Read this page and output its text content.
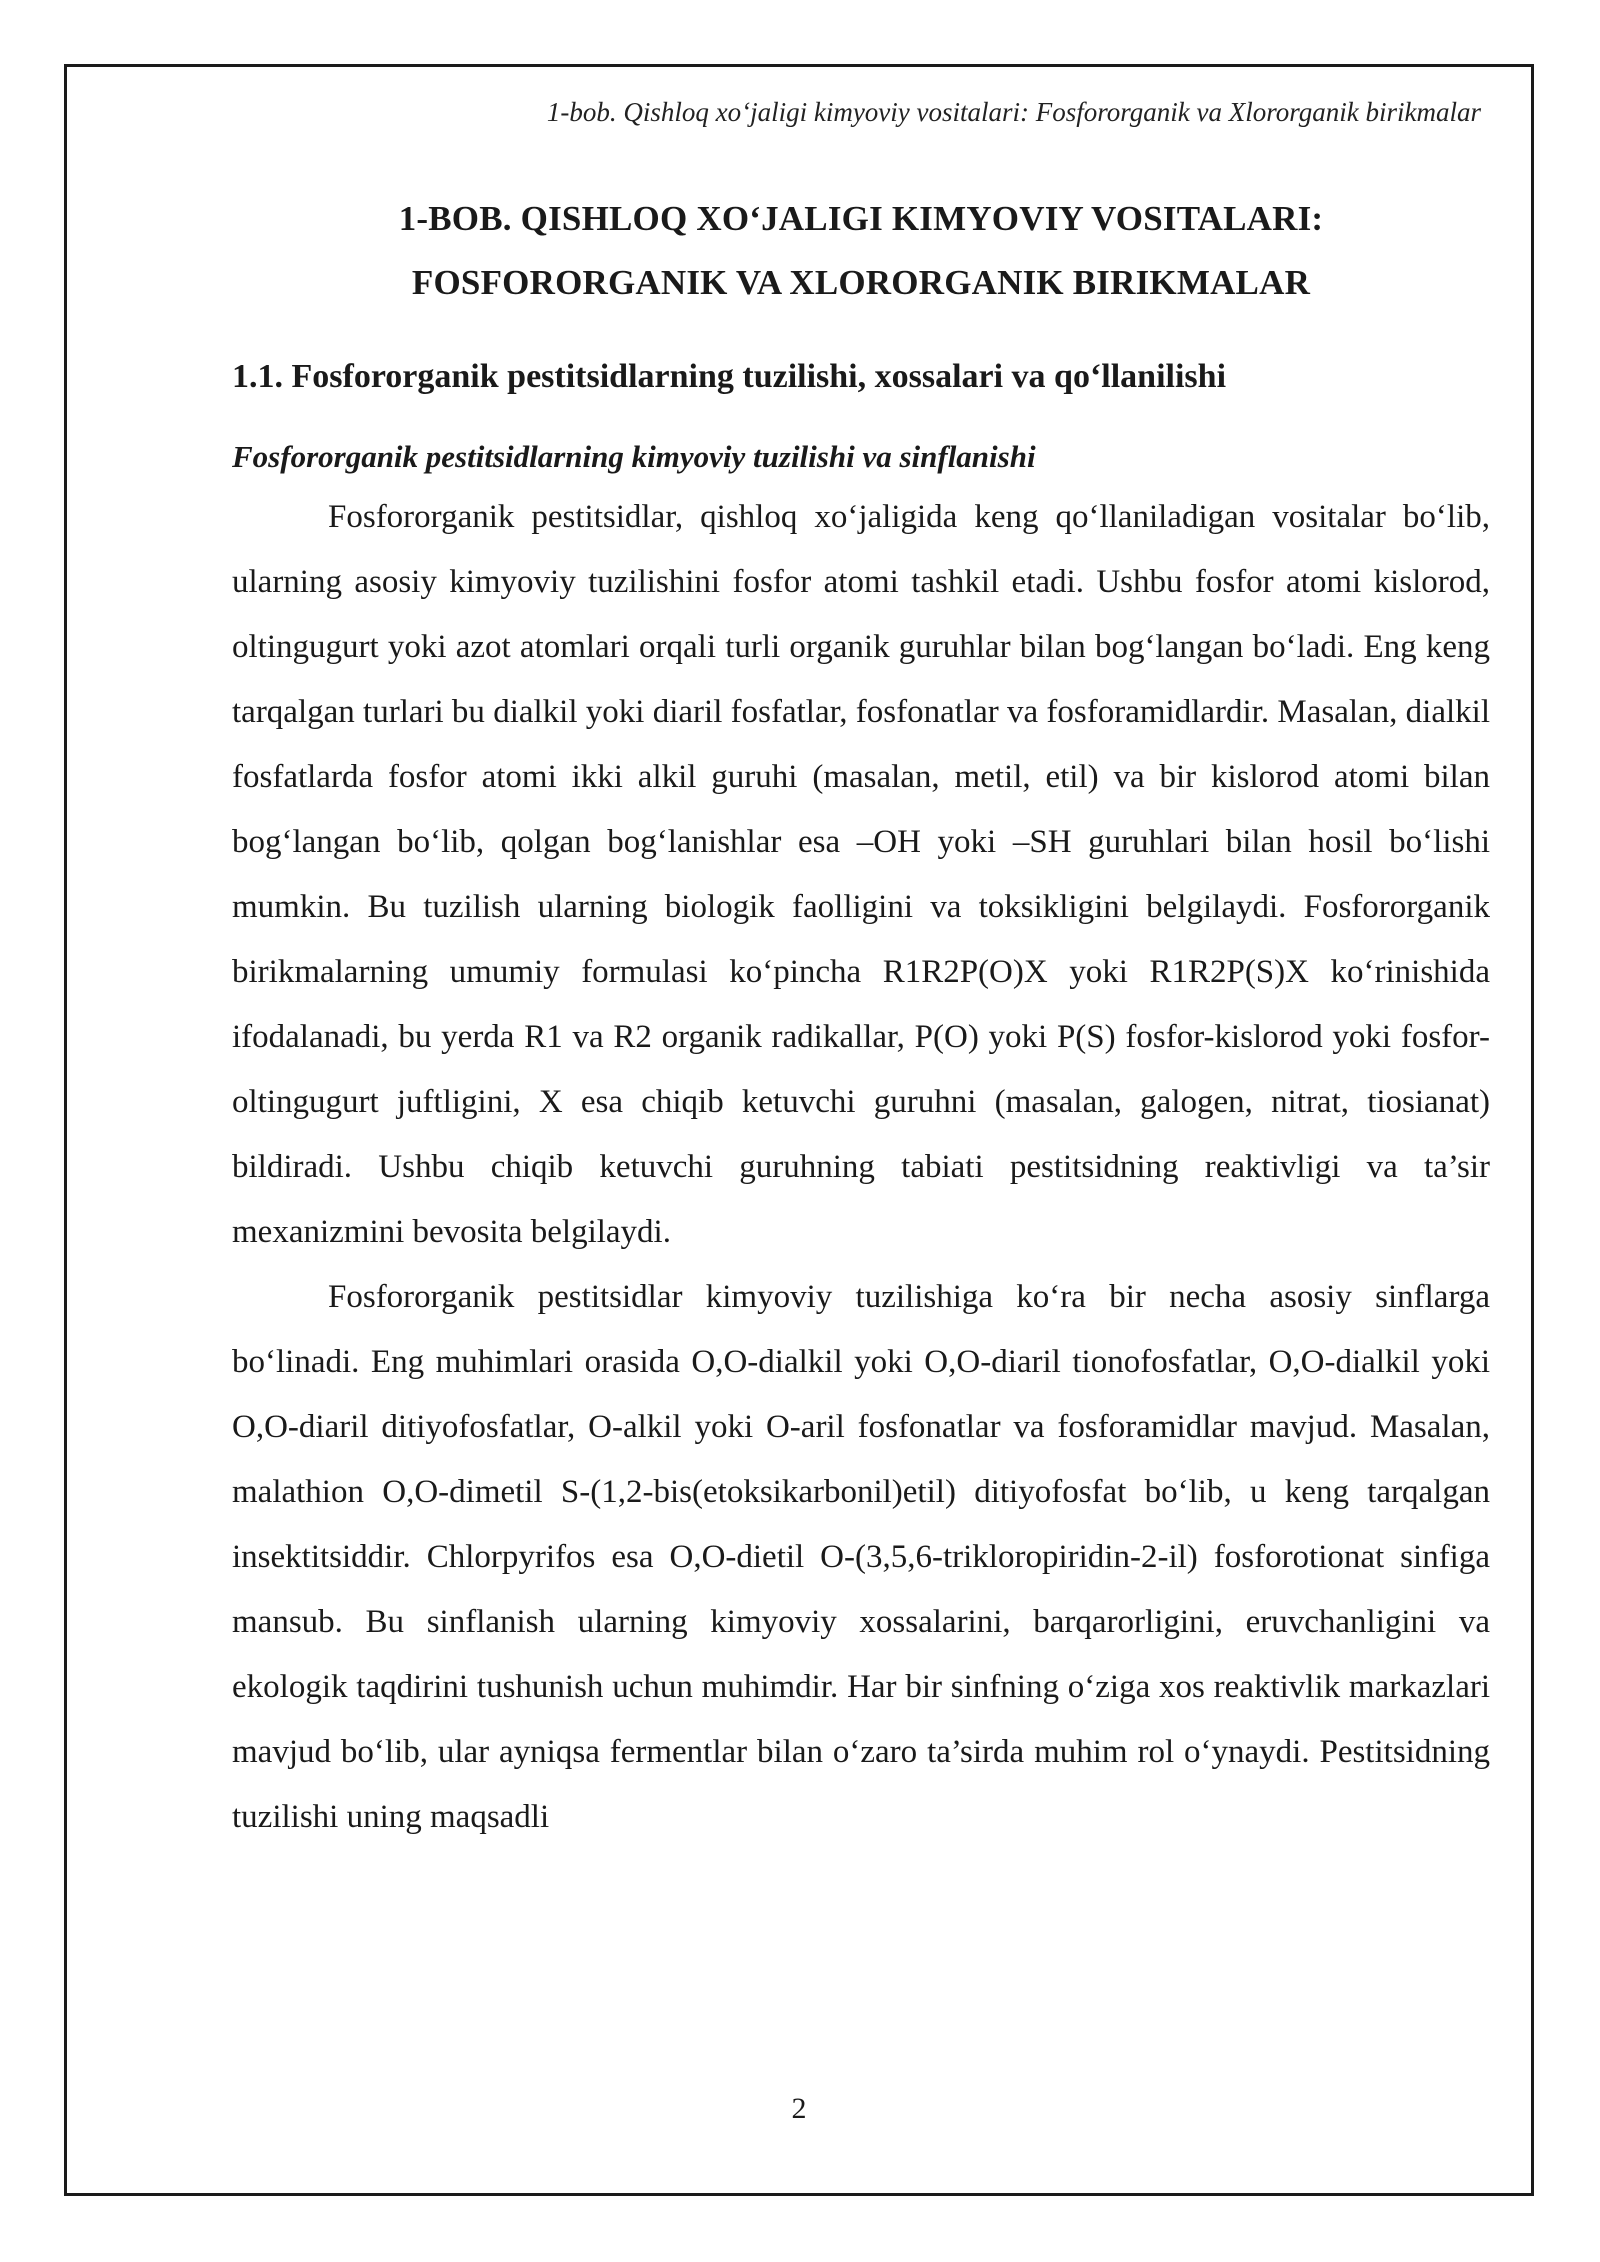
1-bob. Qishloq xo‘jaligi kimyoviy vositalari: Fosfororganik va Xlororganik birikmalar
1-BOB. QISHLOQ XO‘JALIGI KIMYOVIY VOSITALARI:
FOSFORORGANIK VA XLORORGANIK BIRIKMALAR
1.1. Fosfororganik pestitsidlarning tuzilishi, xossalari va qo‘llanilishi
Fosfororganik pestitsidlarning kimyoviy tuzilishi va sinflanishi

Fosfororganik pestitsidlar, qishloq xo‘jaligida keng qo‘llaniladigan vositalar bo‘lib, ularning asosiy kimyoviy tuzilishini fosfor atomi tashkil etadi. Ushbu fosfor atomi kislorod, oltingugurt yoki azot atomlari orqali turli organik guruhlar bilan bog‘langan bo‘ladi. Eng keng tarqalgan turlari bu dialkil yoki diaril fosfatlar, fosfonatlar va fosforamidlardir. Masalan, dialkil fosfatlarda fosfor atomi ikki alkil guruhi (masalan, metil, etil) va bir kislorod atomi bilan bog‘langan bo‘lib, qolgan bog‘lanishlar esa –OH yoki –SH guruhlari bilan hosil bo‘lishi mumkin. Bu tuzilish ularning biologik faolligini va toksikligini belgilaydi. Fosfororganik birikmalarning umumiy formulasi ko‘pincha R1R2P(O)X yoki R1R2P(S)X ko‘rinishida ifodalanadi, bu yerda R1 va R2 organik radikallar, P(O) yoki P(S) fosfor-kislorod yoki fosfor-oltingugurt juftligini, X esa chiqib ketuvchi guruhni (masalan, galogen, nitrat, tiosianat) bildiradi. Ushbu chiqib ketuvchi guruhning tabiati pestitsidning reaktivligi va ta’sir mexanizmini bevosita belgilaydi.

Fosfororganik pestitsidlar kimyoviy tuzilishiga ko‘ra bir necha asosiy sinflarga bo‘linadi. Eng muhimlari orasida O,O-dialkil yoki O,O-diaril tionofosfatlar, O,O-dialkil yoki O,O-diaril ditiyofosfatlar, O-alkil yoki O-aril fosfonatlar va fosforamidlar mavjud. Masalan, malathion O,O-dimetil S-(1,2-bis(etoksikarbonil)etil) ditiyofosfat bo‘lib, u keng tarqalgan insektitsiddir. Chlorpyrifos esa O,O-dietil O-(3,5,6-trikloropiridin-2-il) fosforotionat sinfiga mansub. Bu sinflanish ularning kimyoviy xossalarini, barqarorligini, eruvchanligini va ekologik taqdirini tushunish uchun muhimdir. Har bir sinfning o‘ziga xos reaktivlik markazlari mavjud bo‘lib, ular ayniqsa fermentlar bilan o‘zaro ta’sirda muhim rol o‘ynaydi. Pestitsidning tuzilishi uning maqsadli

2
